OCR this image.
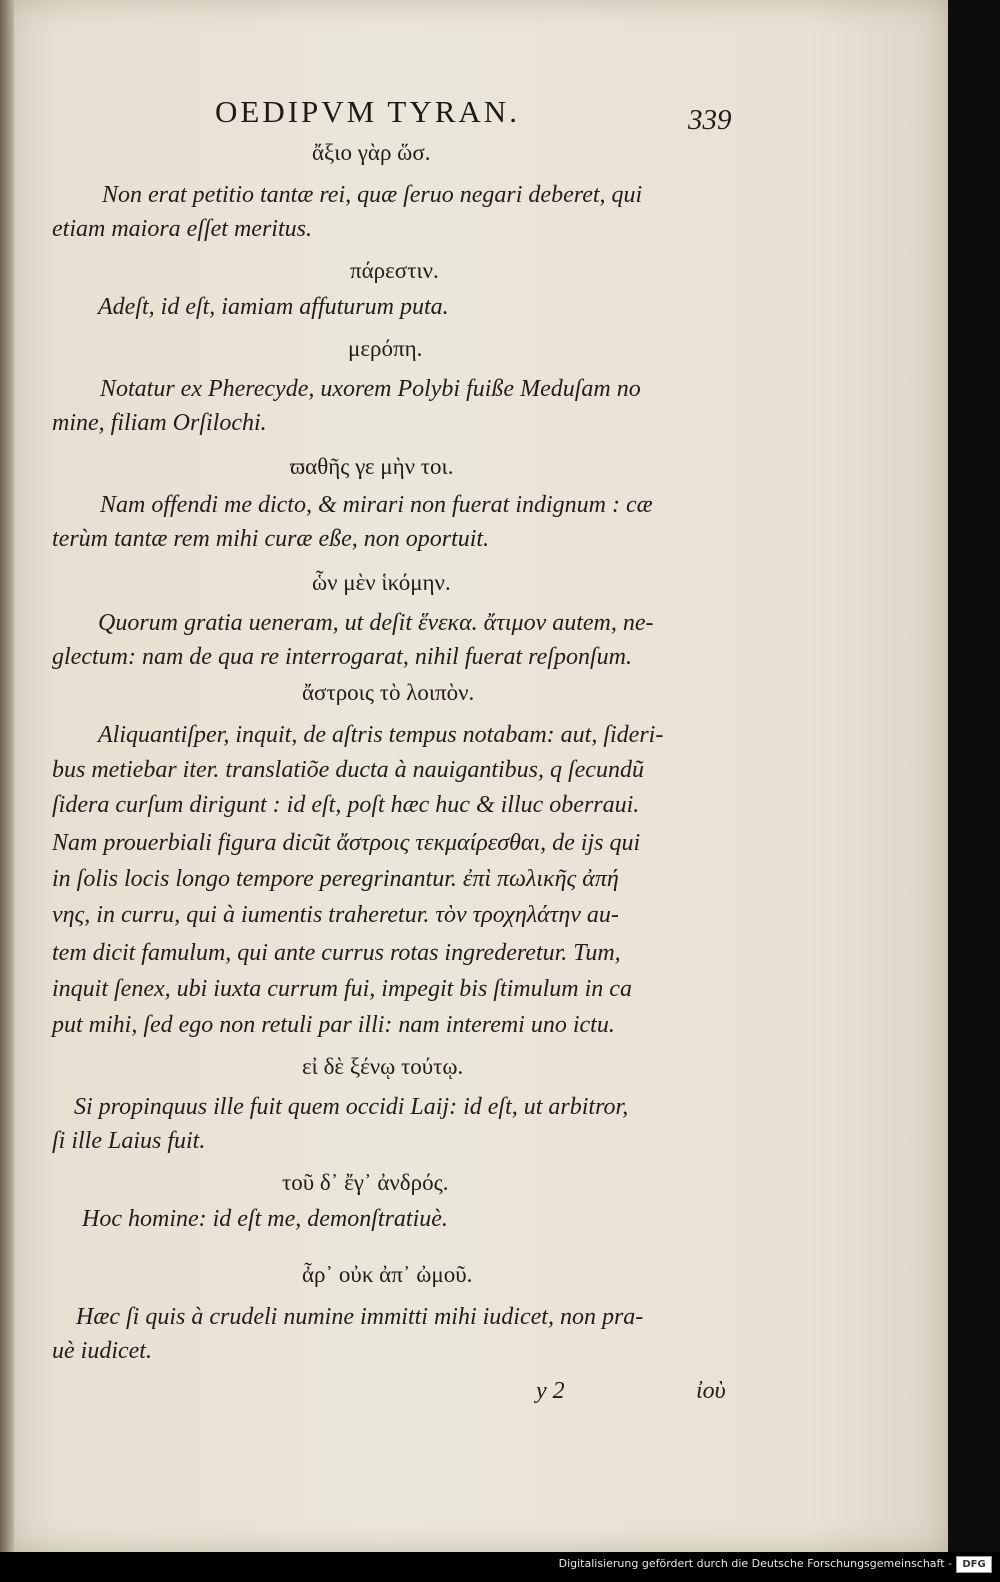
OEDIPVM TYRAN.	339
ἄξιο γὰρ ὥσ.
Non erat petitio tantæ rei, quæ ſeruo negari deberet, qui
etiam maiora eſſet meritus.
πάρεστιν.
Adeſt, id eſt, iamiam affuturum puta.
μερόπη.
Notatur ex Pherecyde, uxorem Polybi fuiße Meduſam no
mine, filiam Orſilochi.
ϖαθῆς γε μὴν τοι.
Nam offendi me dicto, & mirari non fuerat indignum : cæ
terùm tantæ rem mihi curæ eße, non oportuit.
ὧν μὲν ἱκόμην.
Quorum gratia ueneram, ut deſit ἕνεκα. ἄτιμον autem, ne-
glectum: nam de qua re interrogarat, nihil fuerat reſponſum.
ἄστροις τὸ λοιπὸν.
Aliquantiſper, inquit, de aſtris tempus notabam: aut, ſideri-
bus metiebar iter. translatiõe ducta à nauigantibus, q ſecundũ
ſidera curſum dirigunt : id eſt, poſt hæc huc & illuc oberraui.
Nam prouerbiali figura dicũt ἄστροις τεκμαίρεσθαι, de ijs qui
in ſolis locis longo tempore peregrinantur. ἐπὶ πωλικῆς ἀπή
νης, in curru, qui à iumentis traheretur. τὸν τροχηλάτην au-
tem dicit famulum, qui ante currus rotas ingrederetur. Tum,
inquit ſenex, ubi iuxta currum fui, impegit bis ſtimulum in ca
put mihi, ſed ego non retuli par illi: nam interemi uno ictu.
εἰ δὲ ξένῳ τούτῳ.
Si propinquus ille fuit quem occidi Laij: id eſt, ut arbitror,
ſi ille Laius fuit.
τοῦ δ᾽ ἔγ᾽ ἀνδρός.
Hoc homine: id eſt me, demonſtratiuè.
ἆρ᾽ οὐκ ἀπ᾽ ὠμοῦ.
Hæc ſi quis à crudeli numine immitti mihi iudicet, non pra-
uè iudicet.
y 2	ἰοὺ
Digitalisierung gefördert durch die Deutsche Forschungsgemeinschaft -	DFG
